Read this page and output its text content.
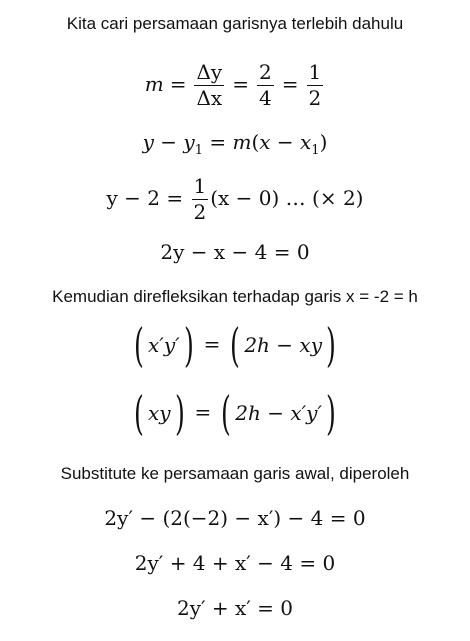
Kita cari persamaan garisnya terlebih dahulu
$m = \frac{\Delta y}{\Delta x} = \frac{2}{4} = \frac{1}{2}$
$y - y_1 = m(x - x_1)$
$y - 2 = \frac{1}{2} (x - 0)$ … (× 2)
2y − x − 4 = 0
Kemudian direfleksikan terhadap garis x = -2 = h
( x′y′) = ( 2h − xy)
( xy) = ( 2h − x′y′)
Substitute ke persamaan garis awal, diperoleh
2y′ − (2(−2) − x′) − 4 = 0
2y′ + 4 + x′ − 4 = 0
2y′ + x′ = 0
